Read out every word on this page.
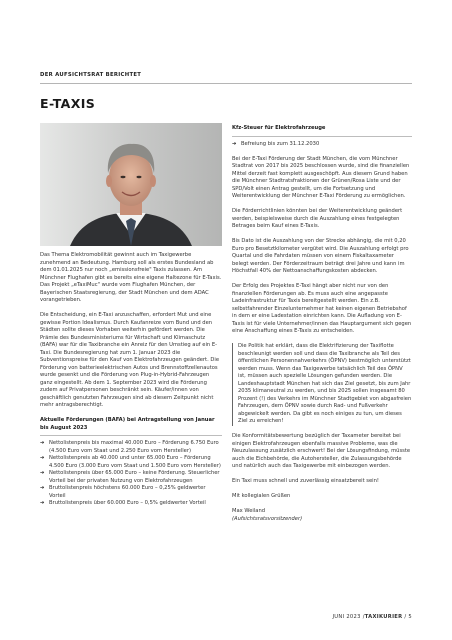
DER AUFSICHTSRAT BERICHTET
E-TAXIS

Das Thema Elektromobilität gewinnt auch im Taxigewerbe zunehmend an Bedeutung. Hamburg soll als erstes Bundesland ab dem 01.01.2025 nur noch „emissionsfreie" Taxis zulassen. Am Münchner Flughafen gibt es bereits eine eigene Haltezone für E-Taxis. Das Projekt „eTaxiMuc" wurde vom Flughafen München, der Bayerischen Staatsregierung, der Stadt München und dem ADAC vorangetrieben.

Die Entscheidung, ein E-Taxi anzuschaffen, erfordert Mut und eine gewisse Portion Idealismus. Durch Kaufanreize vom Bund und den Städten sollte dieses Vorhaben weiterhin gefördert werden. Die Prämie des Bundesministeriums für Wirtschaft und Klimaschutz (BAFA) war für die Taxibranche ein Anreiz für den Umstieg auf ein E-Taxi. Die Bundesregierung hat zum 1. Januar 2023 die Subventionspreise für den Kauf von Elektrofahrzeugen geändert. Die Förderung von batterieelektrischen Autos und Brennstoffzellenautos wurde gesenkt und die Förderung von Plug-in-Hybrid-Fahrzeugen ganz eingestellt. Ab dem 1. September 2023 wird die Förderung zudem auf Privatpersonen beschränkt sein. Käufer/innen von geschäftlich genutzten Fahrzeugen sind ab diesem Zeitpunkt nicht mehr antragsberechtigt.

Aktuelle Förderungen (BAFA) bei Antragstellung von Januar bis August 2023
➔ Nettolistenpreis bis maximal 40.000 Euro – Förderung 6.750 Euro (4.500 Euro vom Staat und 2.250 Euro vom Hersteller)
➔ Nettolistenpreis ab 40.000 und unter 65.000 Euro – Förderung 4.500 Euro (3.000 Euro vom Staat und 1.500 Euro vom Hersteller)
➔ Nettolistenpreis über 65.000 Euro – keine Förderung. Steuerlicher Vorteil bei der privaten Nutzung von Elektrofahrzeugen
➔ Bruttolistenpreis höchstens 60.000 Euro – 0,25% geldwerter Vorteil
➔ Bruttolistenpreis über 60.000 Euro – 0,5% geldwerter Vorteil
Kfz-Steuer für Elektrofahrzeuge
➔ Befreiung bis zum 31.12.2030

Bei der E-Taxi Förderung der Stadt München, die vom Münchner Stadtrat von 2017 bis 2025 beschlossen wurde, sind die finanziellen Mittel derzeit fast komplett ausgeschöpft. Aus diesem Grund haben die Münchner Stadtratsfraktionen der Grünen/Rosa Liste und der SPD/Volt einen Antrag gestellt, um die Fortsetzung und Weiterentwicklung der Münchner E-Taxi Förderung zu ermöglichen.

Die Förderrichtlinien könnten bei der Weiterentwicklung geändert werden, beispielsweise durch die Auszahlung eines festgelegten Betrages beim Kauf eines E-Taxis.

Bis Dato ist die Auszahlung von der Strecke abhängig, die mit 0,20 Euro pro Besetztkilometer vergütet wird. Die Auszahlung erfolgt pro Quartal und die Fahrdaten müssen von einem Fiskaltaxameter belegt werden. Der Förderzeitraum beträgt drei Jahre und kann im Höchstfall 40% der Nettoanschaffungskosten abdecken.

Der Erfolg des Projektes E-Taxi hängt aber nicht nur von den finanziellen Förderungen ab. Es muss auch eine angepasste Ladeinfrastruktur für Taxis bereitgestellt werden. Ein z.B. selbstfahrender Einzelunternehmer hat keinen eigenen Betriebshof in dem er eine Ladestation einrichten kann. Die Aufladung von E-Taxis ist für viele Unternehmer/innen das Hauptargument sich gegen eine Anschaffung eines E-Taxis zu entscheiden.

Die Politik hat erklärt, dass die Elektrifizierung der Taxiflotte beschleunigt werden soll und dass die Taxibranche als Teil des öffentlichen Personennahverkehrs (ÖPNV) bestmöglich unterstützt werden muss. Wenn das Taxigewerbe tatsächlich Teil des ÖPNV ist, müssen auch spezielle Lösungen gefunden werden. Die Landeshauptstadt München hat sich das Ziel gesetzt, bis zum Jahr 2035 klimaneutral zu werden, und bis 2025 sollen insgesamt 80 Prozent (!) des Verkehrs im Münchner Stadtgebiet von abgasfreien Fahrzeugen, dem ÖPNV sowie durch Rad- und Fußverkehr abgewickelt werden. Da gibt es noch einiges zu tun, um dieses Ziel zu erreichen!

Die Konformitätsbewertung bezüglich der Taxameter bereitet bei einigen Elektrofahrzeugen ebenfalls massive Probleme, was die Neuzulassung zusätzlich erschwert! Bei der Lösungsfindung, müsste auch die Eichbehörde, die Autohersteller, die Zulassungsbehörde und natürlich auch das Taxigewerbe mit einbezogen werden.

Ein Taxi muss schnell und zuverlässig einsatzbereit sein!

Mit kollegialen Grüßen

Max Weiland
(Aufsichtsratsvorsitzender)
JUNI 2023 /TAXIKURIER / 5
